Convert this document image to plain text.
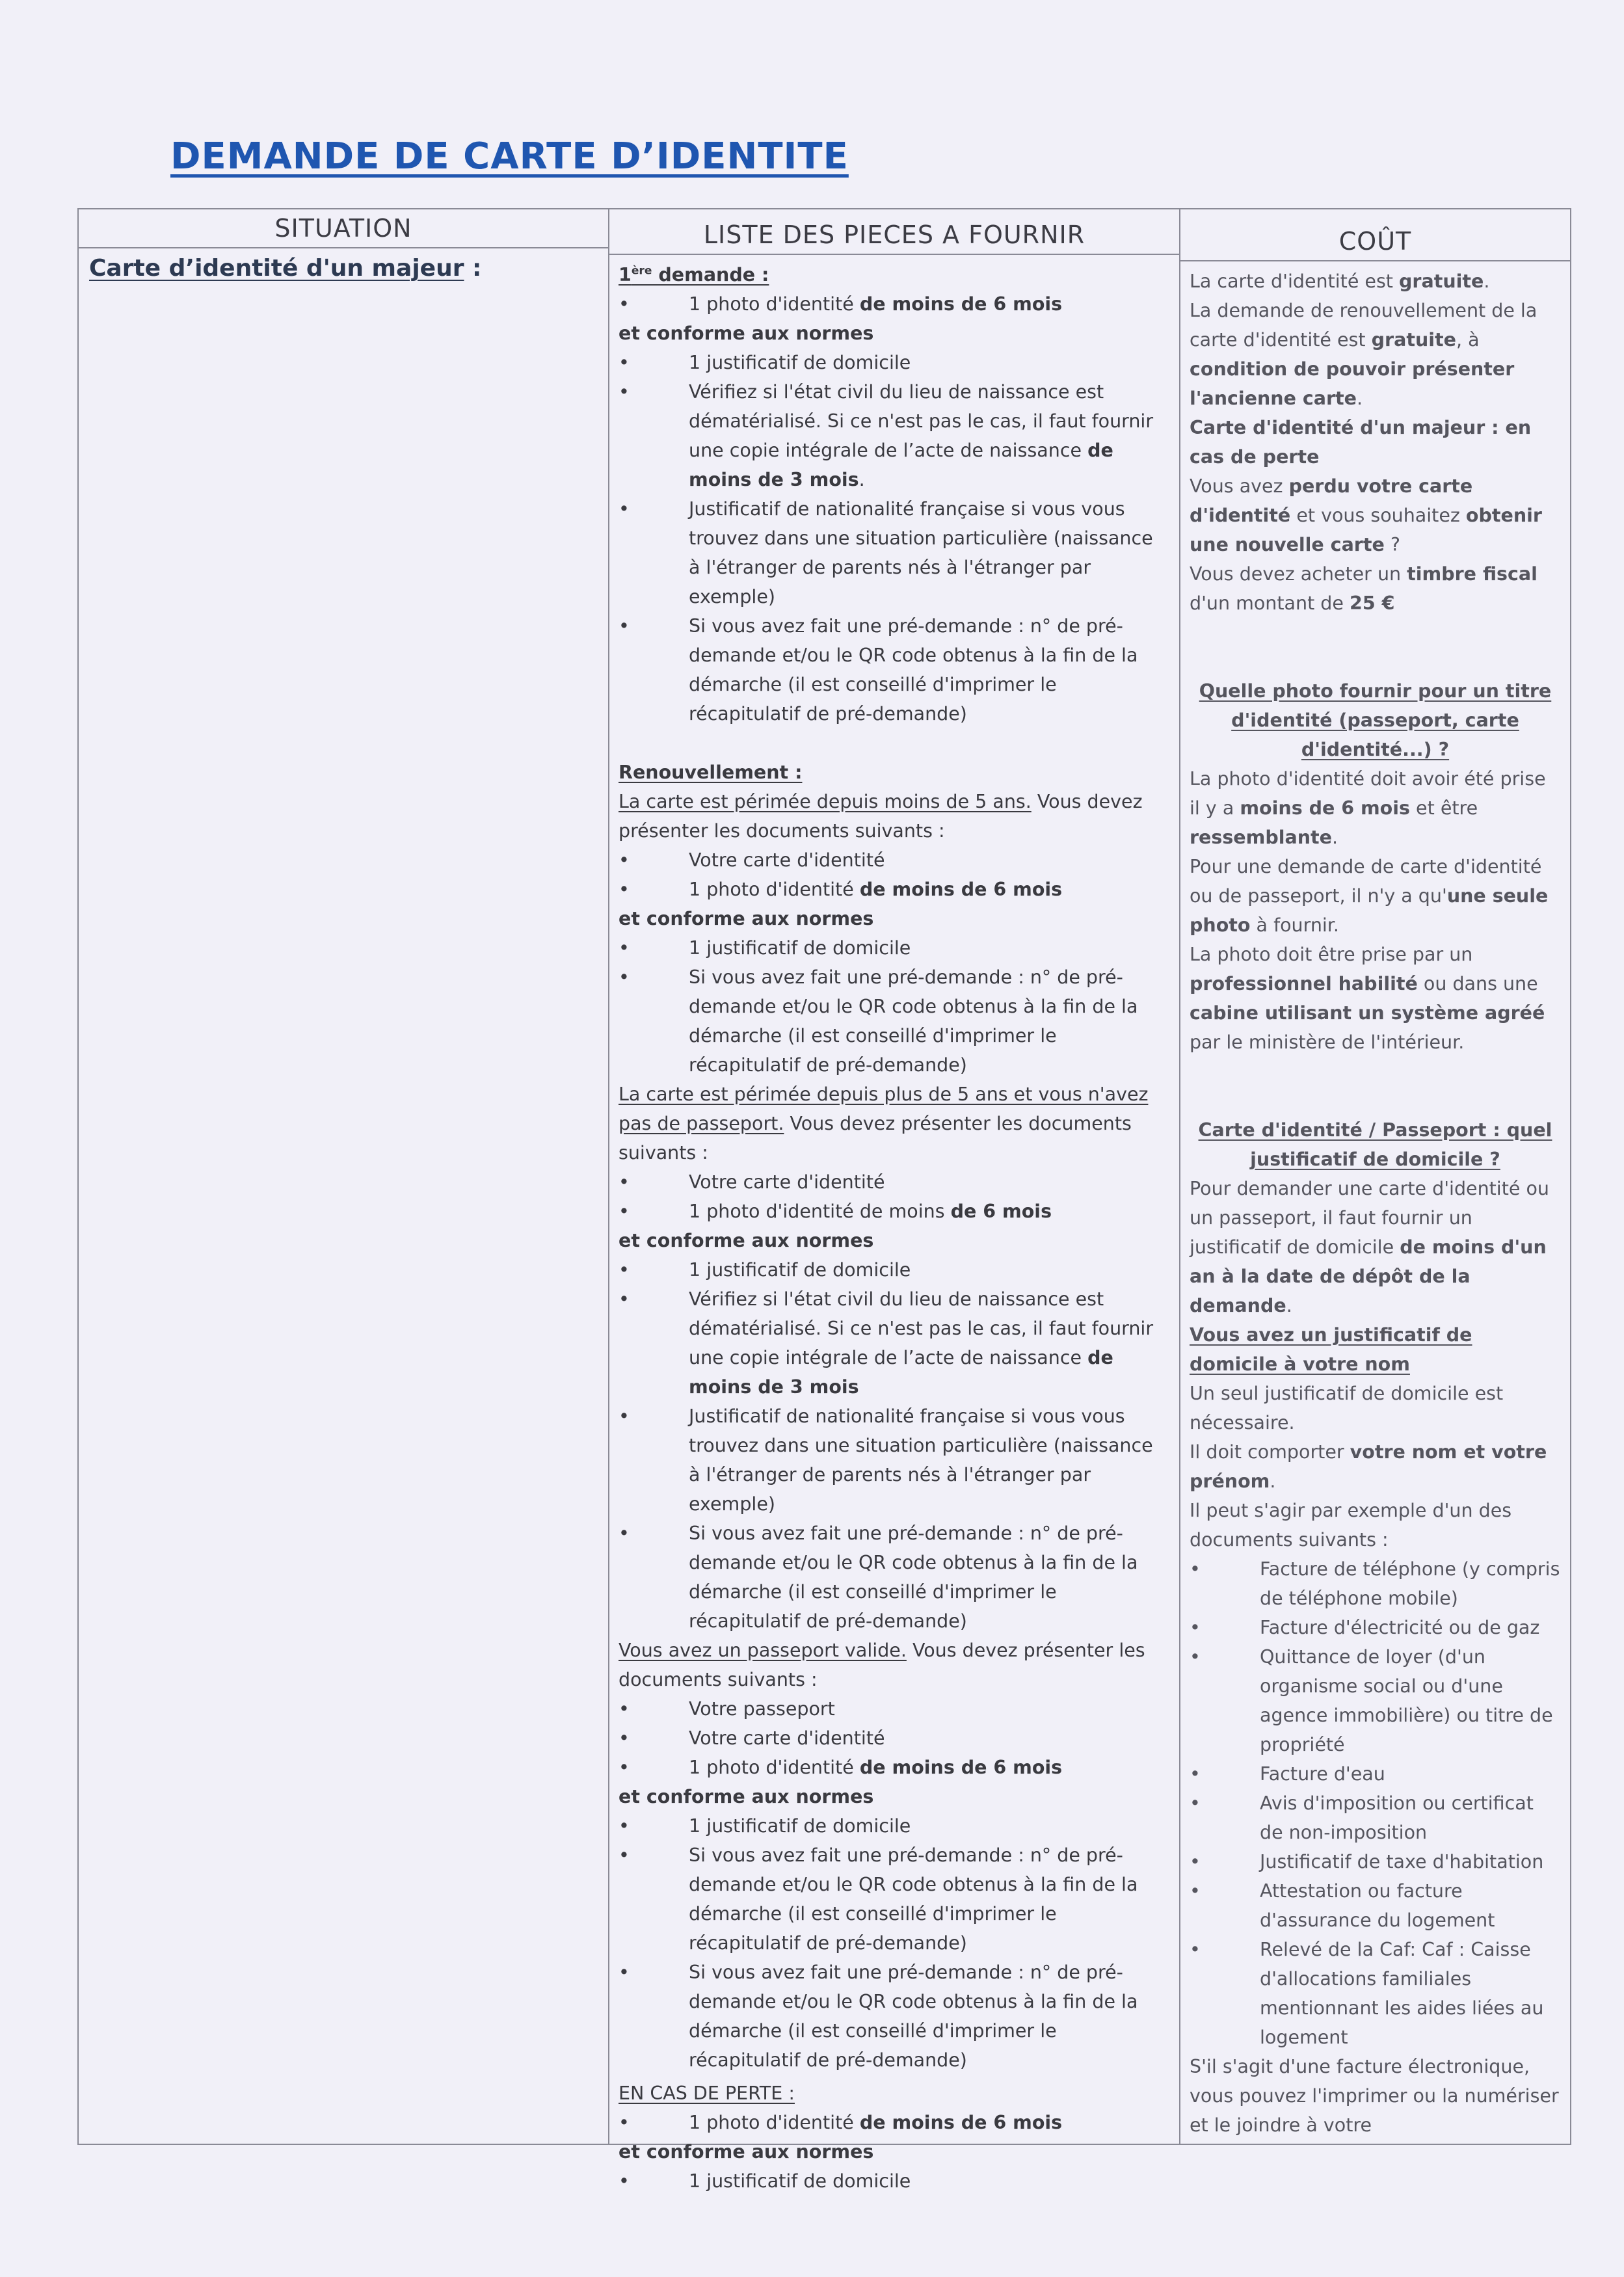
DEMANDE DE CARTE D’IDENTITE
SITUATION

Carte d’identité d'un majeur :

LISTE DES PIECES A FOURNIR

1ère demande :

• 1 photo d'identité de moins de 6 mois

et conforme aux normes

• 1 justificatif de domicile

• Vérifiez si l'état civil du lieu de naissance est dématérialisé. Si ce n'est pas le cas, il faut fournir une copie intégrale de l’acte de naissance de moins de 3 mois.

• Justificatif de nationalité française si vous vous trouvez dans une situation particulière (naissance à l'étranger de parents nés à l'étranger par exemple)

• Si vous avez fait une pré-demande : n° de pré-demande et/ou le QR code obtenus à la fin de la démarche (il est conseillé d'imprimer le récapitulatif de pré-demande)

Renouvellement :

La carte est périmée depuis moins de 5 ans. Vous devez présenter les documents suivants :

• Votre carte d'identité

• 1 photo d'identité de moins de 6 mois

et conforme aux normes

• 1 justificatif de domicile

• Si vous avez fait une pré-demande : n° de pré-demande et/ou le QR code obtenus à la fin de la démarche (il est conseillé d'imprimer le récapitulatif de pré-demande)

La carte est périmée depuis plus de 5 ans et vous n'avez pas de passeport. Vous devez présenter les documents suivants :

• Votre carte d'identité

• 1 photo d'identité de moins de 6 mois

et conforme aux normes

• 1 justificatif de domicile

• Vérifiez si l'état civil du lieu de naissance est dématérialisé. Si ce n'est pas le cas, il faut fournir une copie intégrale de l’acte de naissance de moins de 3 mois

• Justificatif de nationalité française si vous vous trouvez dans une situation particulière (naissance à l'étranger de parents nés à l'étranger par exemple)

• Si vous avez fait une pré-demande : n° de pré-demande et/ou le QR code obtenus à la fin de la démarche (il est conseillé d'imprimer le récapitulatif de pré-demande)

Vous avez un passeport valide. Vous devez présenter les documents suivants :

• Votre passeport

• Votre carte d'identité

• 1 photo d'identité de moins de 6 mois

et conforme aux normes

• 1 justificatif de domicile

• Si vous avez fait une pré-demande : n° de pré-demande et/ou le QR code obtenus à la fin de la démarche (il est conseillé d'imprimer le récapitulatif de pré-demande)

• Si vous avez fait une pré-demande : n° de pré-demande et/ou le QR code obtenus à la fin de la démarche (il est conseillé d'imprimer le récapitulatif de pré-demande)

EN CAS DE PERTE :

• 1 photo d'identité de moins de 6 mois

et conforme aux normes

• 1 justificatif de domicile

COÛT

La carte d'identité est gratuite.

La demande de renouvellement de la carte d'identité est gratuite, à condition de pouvoir présenter l'ancienne carte.

Carte d'identité d'un majeur : en cas de perte

Vous avez perdu votre carte d'identité et vous souhaitez obtenir une nouvelle carte ?

Vous devez acheter un timbre fiscal d'un montant de 25 €

Quelle photo fournir pour un titre d'identité (passeport, carte d'identité...) ?

La photo d'identité doit avoir été prise il y a moins de 6 mois et être ressemblante.

Pour une demande de carte d'identité ou de passeport, il n'y a qu'une seule photo à fournir.

La photo doit être prise par un professionnel habilité ou dans une cabine utilisant un système agréé par le ministère de l'intérieur.

Carte d'identité / Passeport : quel justificatif de domicile ?

Pour demander une carte d'identité ou un passeport, il faut fournir un justificatif de domicile de moins d'un an à la date de dépôt de la demande.

Vous avez un justificatif de domicile à votre nom

Un seul justificatif de domicile est nécessaire.

Il doit comporter votre nom et votre prénom.

Il peut s'agir par exemple d'un des documents suivants :

• Facture de téléphone (y compris de téléphone mobile)

• Facture d'électricité ou de gaz

• Quittance de loyer (d'un organisme social ou d'une agence immobilière) ou titre de propriété

• Facture d'eau

• Avis d'imposition ou certificat de non-imposition

• Justificatif de taxe d'habitation

• Attestation ou facture d'assurance du logement

• Relevé de la Caf: Caf : Caisse d'allocations familiales mentionnant les aides liées au logement

S'il s'agit d'une facture électronique, vous pouvez l'imprimer ou la numériser et le joindre à votre
